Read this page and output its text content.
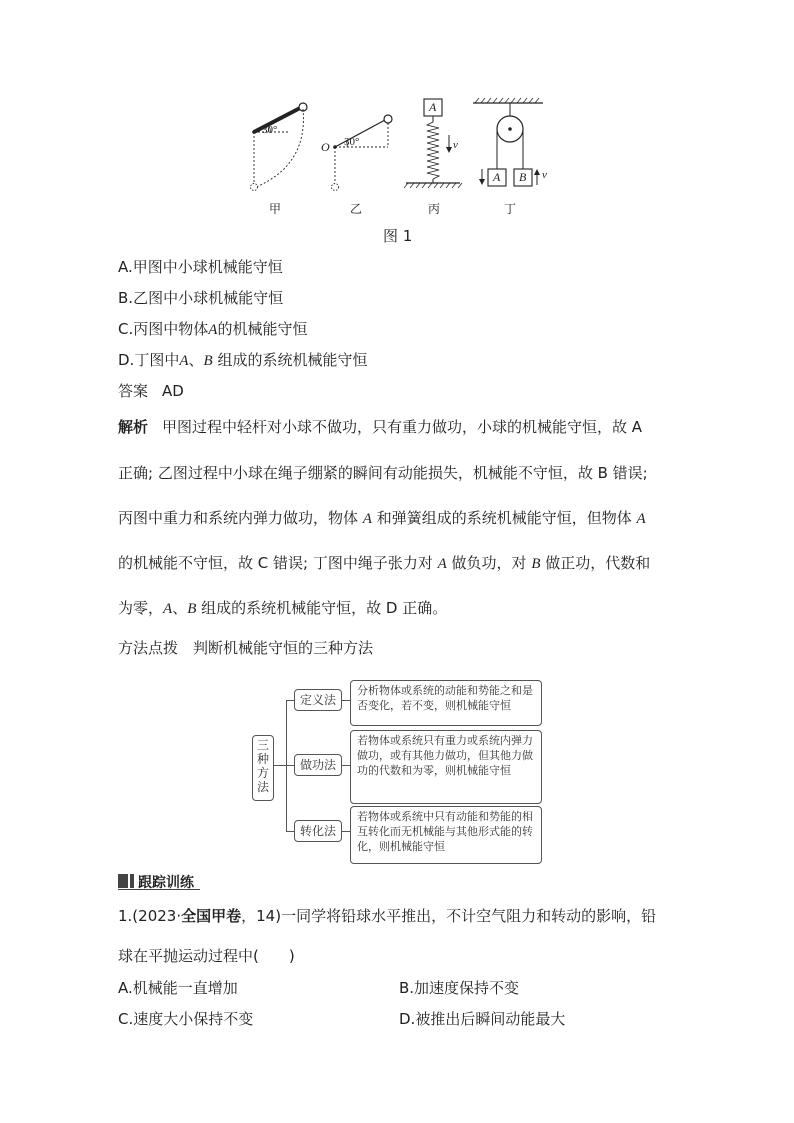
30°
30°
O
A
v
A B v
甲	乙	丙	丁
图 1
A.甲图中小球机械能守恒
B.乙图中小球机械能守恒
C.丙图中物体A的机械能守恒
D.丁图中A、B 组成的系统机械能守恒
答案 AD
解析 甲图过程中轻杆对小球不做功，只有重力做功，小球的机械能守恒，故 A
正确; 乙图过程中小球在绳子绷紧的瞬间有动能损失，机械能不守恒，故 B 错误;
丙图中重力和系统内弹力做功，物体 A 和弹簧组成的系统机械能守恒，但物体 A
的机械能不守恒，故 C 错误; 丁图中绳子张力对 A 做负功，对 B 做正功，代数和
为零，A、B 组成的系统机械能守恒，故 D 正确。
方法点拨　判断机械能守恒的三种方法
三
种
方
法
定义法
分析物体或系统的动能和势能之和是否变化，若不变，则机械能守恒
做功法
若物体或系统只有重力或系统内弹力做功，或有其他力做功，但其他力做功的代数和为零，则机械能守恒
转化法
若物体或系统中只有动能和势能的相互转化而无机械能与其他形式能的转化，则机械能守恒
跟踪训练
1.(2023·全国甲卷，14)一同学将铅球水平推出，不计空气阻力和转动的影响，铅
球在平抛运动过程中(　　)
A.机械能一直增加	B.加速度保持不变
C.速度大小保持不变	D.被推出后瞬间动能最大
